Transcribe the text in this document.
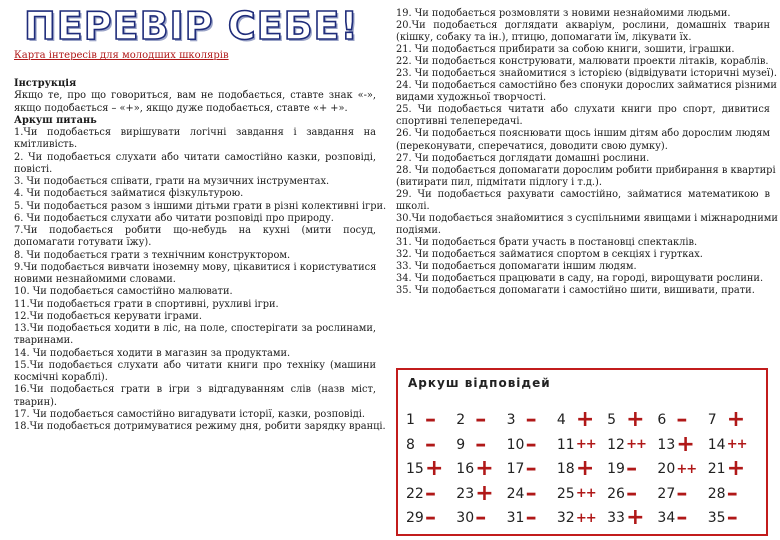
ПЕРЕВІР СЕБЕ!
Карта інтересів для молодших школярів
Інструкція
Якщо те, про що говориться, вам не подобається, ставте знак «-»,
якщо подобається – «+», якщо дуже подобається, ставте «+ +».
Аркуш питань
1.Чи подобається вирішувати логічні завдання і завдання на
кмітливість.
2. Чи подобається слухати або читати самостійно казки, розповіді,
повісті.
3. Чи подобається співати, грати на музичних інструментах.
4. Чи подобається займатися фізкультурою.
5. Чи подобається разом з іншими дітьми грати в різні колективні ігри.
6. Чи подобається слухати або читати розповіді про природу.
7.Чи подобається робити що-небудь на кухні (мити посуд,
допомагати готувати їжу).
8. Чи подобається грати з технічним конструктором.
9.Чи подобається вивчати іноземну мову, цікавитися і користуватися
новими незнайомими словами.
10. Чи подобається самостійно малювати.
11.Чи подобається грати в спортивні, рухливі ігри.
12.Чи подобається керувати іграми.
13.Чи подобається ходити в ліс, на поле, спостерігати за рослинами,
тваринами.
14. Чи подобається ходити в магазин за продуктами.
15.Чи подобається слухати або читати книги про техніку (машини
космічні кораблі).
16.Чи подобається грати в ігри з відгадуванням слів (назв міст,
тварин).
17. Чи подобається самостійно вигадувати історії, казки, розповіді.
18.Чи подобається дотримуватися режиму дня, робити зарядку вранці.
19. Чи подобається розмовляти з новими незнайомими людьми.
20.Чи подобається доглядати акваріум, рослини, домашніх тварин
(кішку, собаку та ін.), птицю, допомагати їм, лікувати їх.
21. Чи подобається прибирати за собою книги, зошити, іграшки.
22. Чи подобається конструювати, малювати проекти літаків, кораблів.
23. Чи подобається знайомитися з історією (відвідувати історичні музеї).
24. Чи подобається самостійно без спонуки дорослих займатися різними
видами художньої творчості.
25. Чи подобається читати або слухати книги про спорт, дивитися
спортивні телепередачі.
26. Чи подобається пояснювати щось іншим дітям або дорослим людям
(переконувати, сперечатися, доводити свою думку).
27. Чи подобається доглядати домашні рослини.
28. Чи подобається допомагати дорослим робити прибирання в квартирі
(витирати пил, підмітати підлогу і т.д.).
29. Чи подобається рахувати самостійно, займатися математикою в
школі.
30.Чи подобається знайомитися з суспільними явищами і міжнародними
подіями.
31. Чи подобається брати участь в постановці спектаклів.
32. Чи подобається займатися спортом в секціях і гуртках.
33. Чи подобається допомагати іншим людям.
34. Чи подобається працювати в саду, на городі, вирощувати рослини.
35. Чи подобається допомагати і самостійно шити, вишивати, прати.
Аркуш відповідей
1 – 2 – 3 – 4 + 5 + 6 – 7 +
8 – 9 – 10 – 11 ++ 12 ++ 13 + 14 ++
15 + 16 + 17 – 18 + 19 – 20 ++ 21 +
22 – 23 + 24 – 25 ++ 26 – 27 – 28 –
29 – 30 – 31 – 32 ++ 33 + 34 – 35 –
